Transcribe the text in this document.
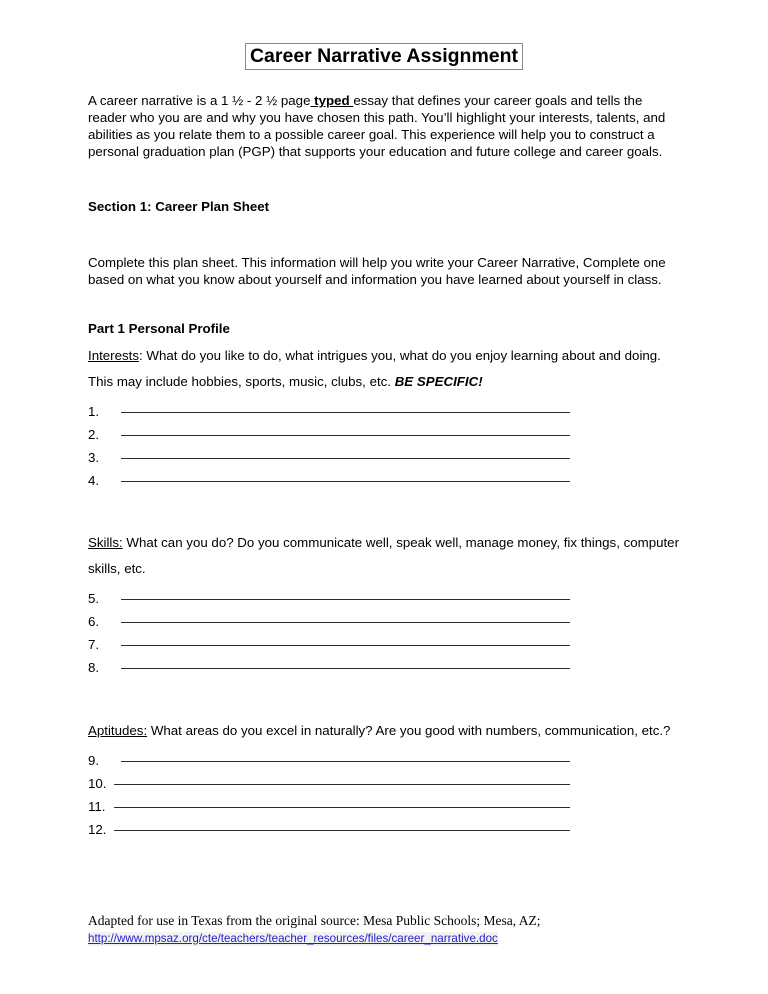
Career Narrative Assignment

A career narrative is a 1 ½ - 2 ½ page typed essay that defines your career goals and tells the reader who you are and why you have chosen this path. You’ll highlight your interests, talents, and abilities as you relate them to a possible career goal. This experience will help you to construct a personal graduation plan (PGP) that supports your education and future college and career goals.

Section 1: Career Plan Sheet

Complete this plan sheet. This information will help you write your Career Narrative, Complete one based on what you know about yourself and information you have learned about yourself in class.

Part 1 Personal Profile

Interests: What do you like to do, what intrigues you, what do you enjoy learning about and doing. This may include hobbies, sports, music, clubs, etc. BE SPECIFIC!

1.
2.
3.
4.

Skills: What can you do? Do you communicate well, speak well, manage money, fix things, computer skills, etc.

5.
6.
7.
8.

Aptitudes: What areas do you excel in naturally? Are you good with numbers, communication, etc.?

9.
10.
11.
12.

Adapted for use in Texas from the original source: Mesa Public Schools; Mesa, AZ;

http://www.mpsaz.org/cte/teachers/teacher_resources/files/career_narrative.doc
